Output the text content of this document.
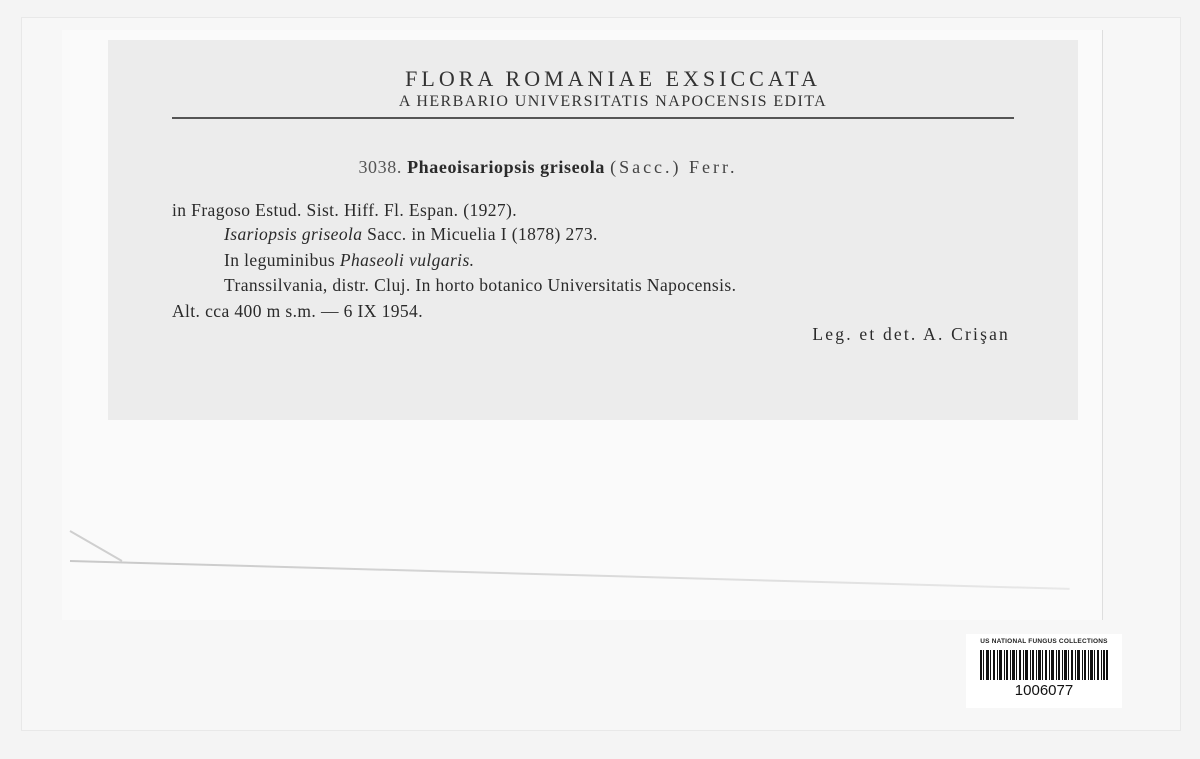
FLORA ROMANIAE EXSICCATA
A HERBARIO UNIVERSITATIS NAPOCENSIS EDITA
3038. Phaeoisariopsis griseola (Sacc.) Ferr.
in Fragoso Estud. Sist. Hiff. Fl. Espan. (1927).
Isariopsis griseola Sacc. in Micuelia I (1878) 273.
In leguminibus Phaseoli vulgaris.
Transsilvania, distr. Cluj. In horto botanico Universitatis Napocensis.
Alt. cca 400 m s.m. — 6 IX 1954.
Leg. et det. A. Crişan
US NATIONAL FUNGUS COLLECTIONS
1006077
